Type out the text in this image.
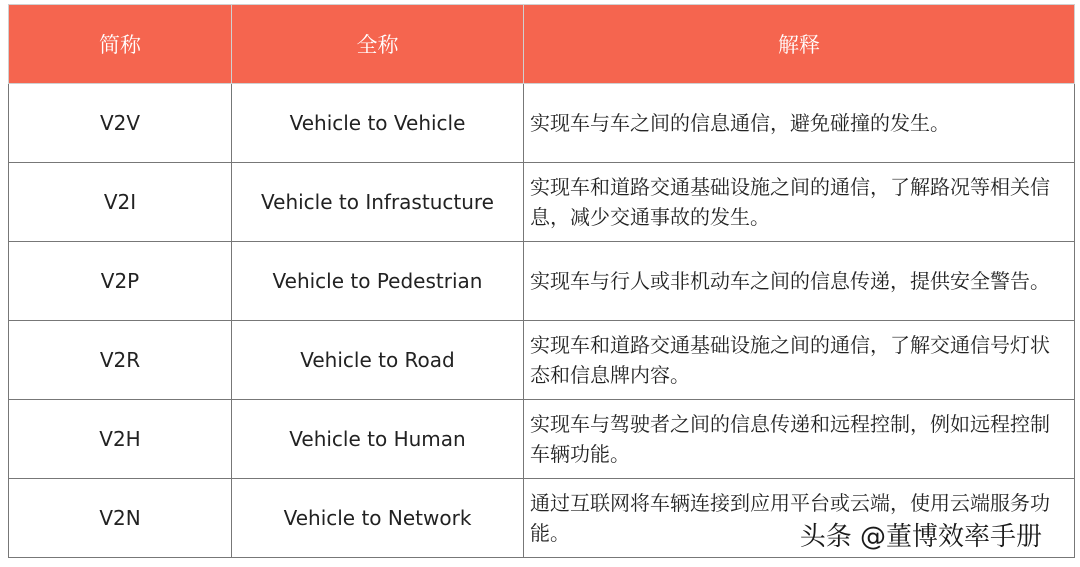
简称	全称	解释
V2V	Vehicle to Vehicle	实现车与车之间的信息通信，避免碰撞的发生。
V2I	Vehicle to Infrastucture	实现车和道路交通基础设施之间的通信，了解路况等相关信息，减少交通事故的发生。
V2P	Vehicle to Pedestrian	实现车与行人或非机动车之间的信息传递，提供安全警告。
V2R	Vehicle to Road	实现车和道路交通基础设施之间的通信，了解交通信号灯状态和信息牌内容。
V2H	Vehicle to Human	实现车与驾驶者之间的信息传递和远程控制，例如远程控制车辆功能。
V2N	Vehicle to Network	通过互联网将车辆连接到应用平台或云端，使用云端服务功能。	头条 @董博效率手册
